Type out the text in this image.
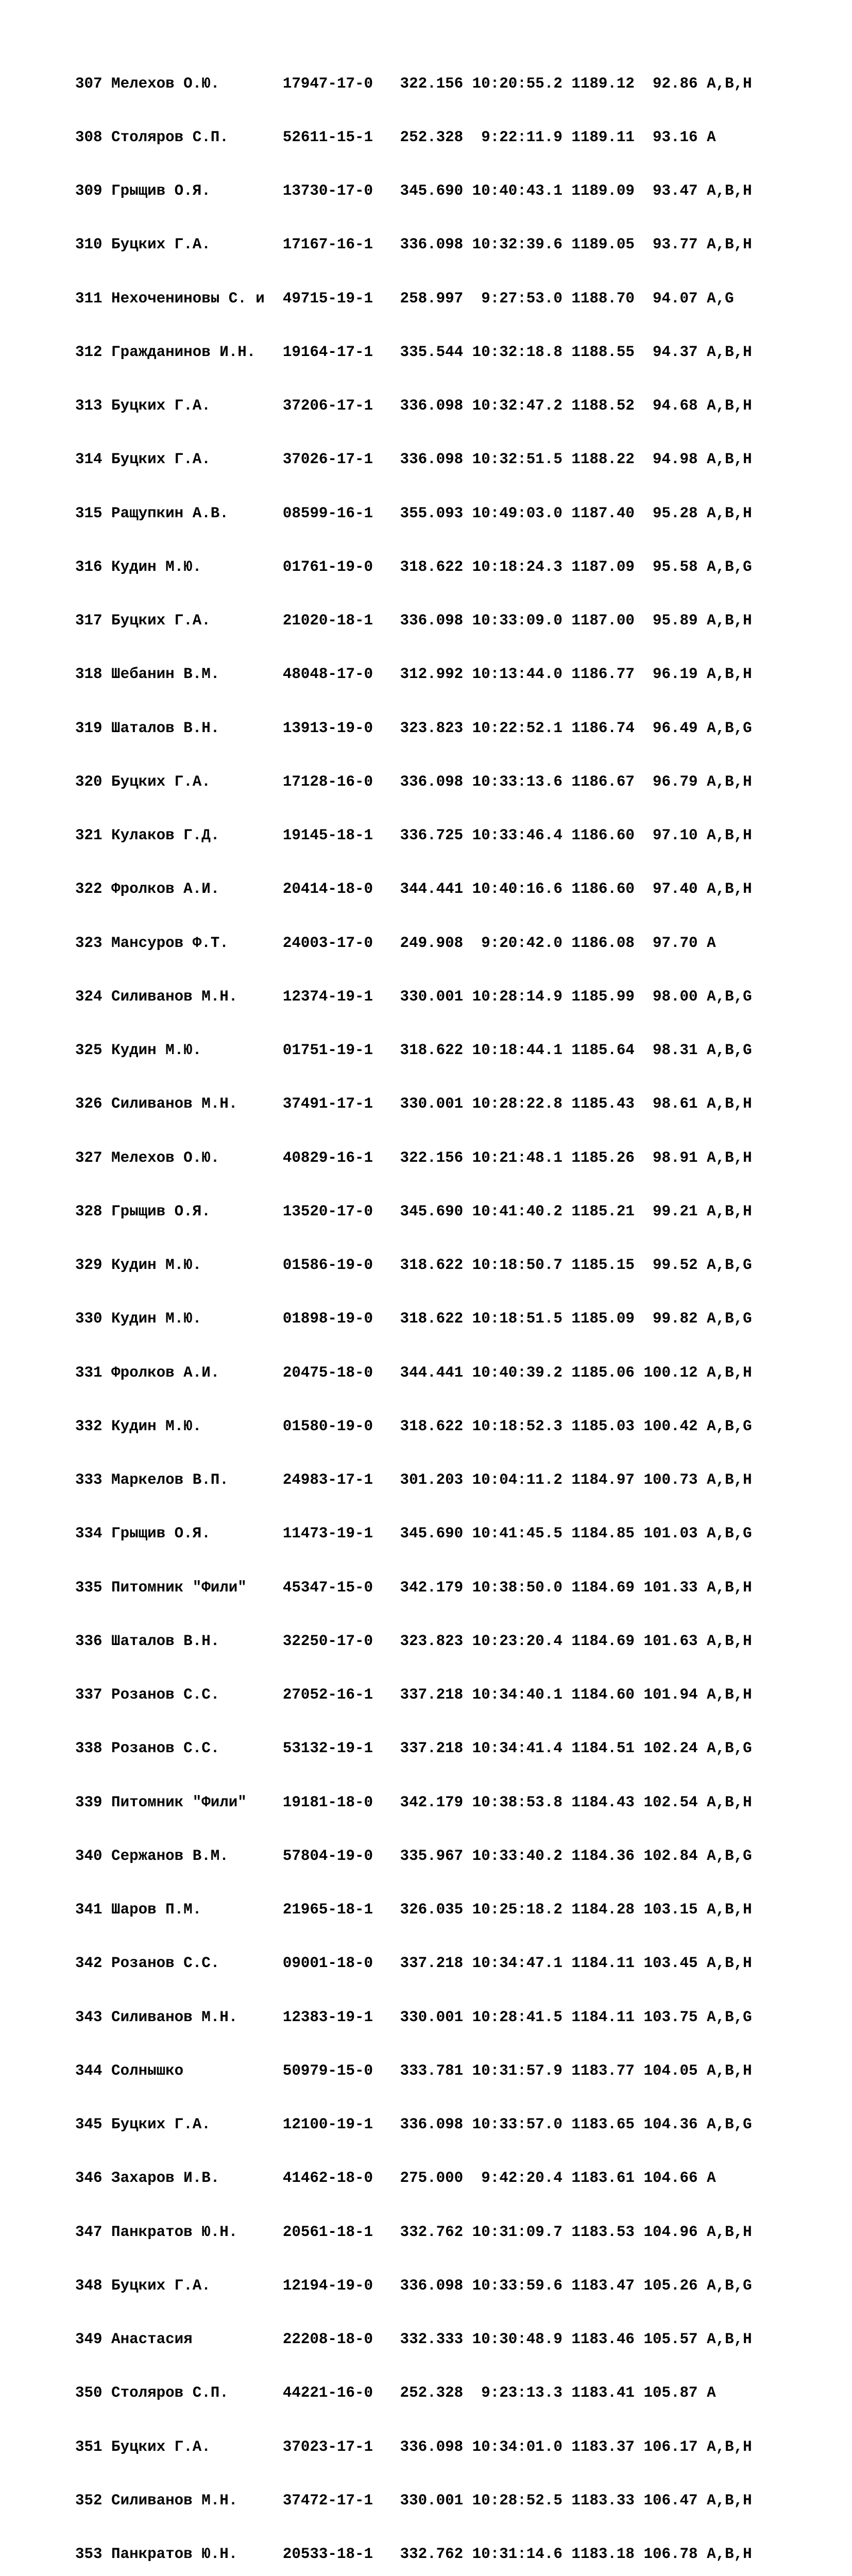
307 Мелехов О.Ю.       17947-17-0   322.156 10:20:55.2 1189.12  92.86 A,B,H

308 Столяров С.П.      52611-15-1   252.328  9:22:11.9 1189.11  93.16 A

309 Грыщив О.Я.        13730-17-0   345.690 10:40:43.1 1189.09  93.47 A,B,H

310 Буцких Г.А.        17167-16-1   336.098 10:32:39.6 1189.05  93.77 A,B,H

311 Нехочениновы С. и  49715-19-1   258.997  9:27:53.0 1188.70  94.07 A,G

312 Гражданинов И.Н.   19164-17-1   335.544 10:32:18.8 1188.55  94.37 A,B,H

313 Буцких Г.А.        37206-17-1   336.098 10:32:47.2 1188.52  94.68 A,B,H

314 Буцких Г.А.        37026-17-1   336.098 10:32:51.5 1188.22  94.98 A,B,H

315 Ращупкин А.В.      08599-16-1   355.093 10:49:03.0 1187.40  95.28 A,B,H

316 Кудин М.Ю.         01761-19-0   318.622 10:18:24.3 1187.09  95.58 A,B,G

317 Буцких Г.А.        21020-18-1   336.098 10:33:09.0 1187.00  95.89 A,B,H

318 Шебанин В.М.       48048-17-0   312.992 10:13:44.0 1186.77  96.19 A,B,H

319 Шаталов В.Н.       13913-19-0   323.823 10:22:52.1 1186.74  96.49 A,B,G

320 Буцких Г.А.        17128-16-0   336.098 10:33:13.6 1186.67  96.79 A,B,H

321 Кулаков Г.Д.       19145-18-1   336.725 10:33:46.4 1186.60  97.10 A,B,H

322 Фролков А.И.       20414-18-0   344.441 10:40:16.6 1186.60  97.40 A,B,H

323 Мансуров Ф.Т.      24003-17-0   249.908  9:20:42.0 1186.08  97.70 A

324 Силиванов М.Н.     12374-19-1   330.001 10:28:14.9 1185.99  98.00 A,B,G

325 Кудин М.Ю.         01751-19-1   318.622 10:18:44.1 1185.64  98.31 A,B,G

326 Силиванов М.Н.     37491-17-1   330.001 10:28:22.8 1185.43  98.61 A,B,H

327 Мелехов О.Ю.       40829-16-1   322.156 10:21:48.1 1185.26  98.91 A,B,H

328 Грыщив О.Я.        13520-17-0   345.690 10:41:40.2 1185.21  99.21 A,B,H

329 Кудин М.Ю.         01586-19-0   318.622 10:18:50.7 1185.15  99.52 A,B,G

330 Кудин М.Ю.         01898-19-0   318.622 10:18:51.5 1185.09  99.82 A,B,G

331 Фролков А.И.       20475-18-0   344.441 10:40:39.2 1185.06 100.12 A,B,H

332 Кудин М.Ю.         01580-19-0   318.622 10:18:52.3 1185.03 100.42 A,B,G

333 Маркелов В.П.      24983-17-1   301.203 10:04:11.2 1184.97 100.73 A,B,H

334 Грыщив О.Я.        11473-19-1   345.690 10:41:45.5 1184.85 101.03 A,B,G

335 Питомник "Фили"    45347-15-0   342.179 10:38:50.0 1184.69 101.33 A,B,H

336 Шаталов В.Н.       32250-17-0   323.823 10:23:20.4 1184.69 101.63 A,B,H

337 Розанов С.С.       27052-16-1   337.218 10:34:40.1 1184.60 101.94 A,B,H

338 Розанов С.С.       53132-19-1   337.218 10:34:41.4 1184.51 102.24 A,B,G

339 Питомник "Фили"    19181-18-0   342.179 10:38:53.8 1184.43 102.54 A,B,H

340 Сержанов В.М.      57804-19-0   335.967 10:33:40.2 1184.36 102.84 A,B,G

341 Шаров П.М.         21965-18-1   326.035 10:25:18.2 1184.28 103.15 A,B,H

342 Розанов С.С.       09001-18-0   337.218 10:34:47.1 1184.11 103.45 A,B,H

343 Силиванов М.Н.     12383-19-1   330.001 10:28:41.5 1184.11 103.75 A,B,G

344 Солнышко           50979-15-0   333.781 10:31:57.9 1183.77 104.05 A,B,H

345 Буцких Г.А.        12100-19-1   336.098 10:33:57.0 1183.65 104.36 A,B,G

346 Захаров И.В.       41462-18-0   275.000  9:42:20.4 1183.61 104.66 A

347 Панкратов Ю.Н.     20561-18-1   332.762 10:31:09.7 1183.53 104.96 A,B,H

348 Буцких Г.А.        12194-19-0   336.098 10:33:59.6 1183.47 105.26 A,B,G

349 Анастасия          22208-18-0   332.333 10:30:48.9 1183.46 105.57 A,B,H

350 Столяров С.П.      44221-16-0   252.328  9:23:13.3 1183.41 105.87 A

351 Буцких Г.А.        37023-17-1   336.098 10:34:01.0 1183.37 106.17 A,B,H

352 Силиванов М.Н.     37472-17-1   330.001 10:28:52.5 1183.33 106.47 A,B,H

353 Панкратов Ю.Н.     20533-18-1   332.762 10:31:14.6 1183.18 106.78 A,B,H
